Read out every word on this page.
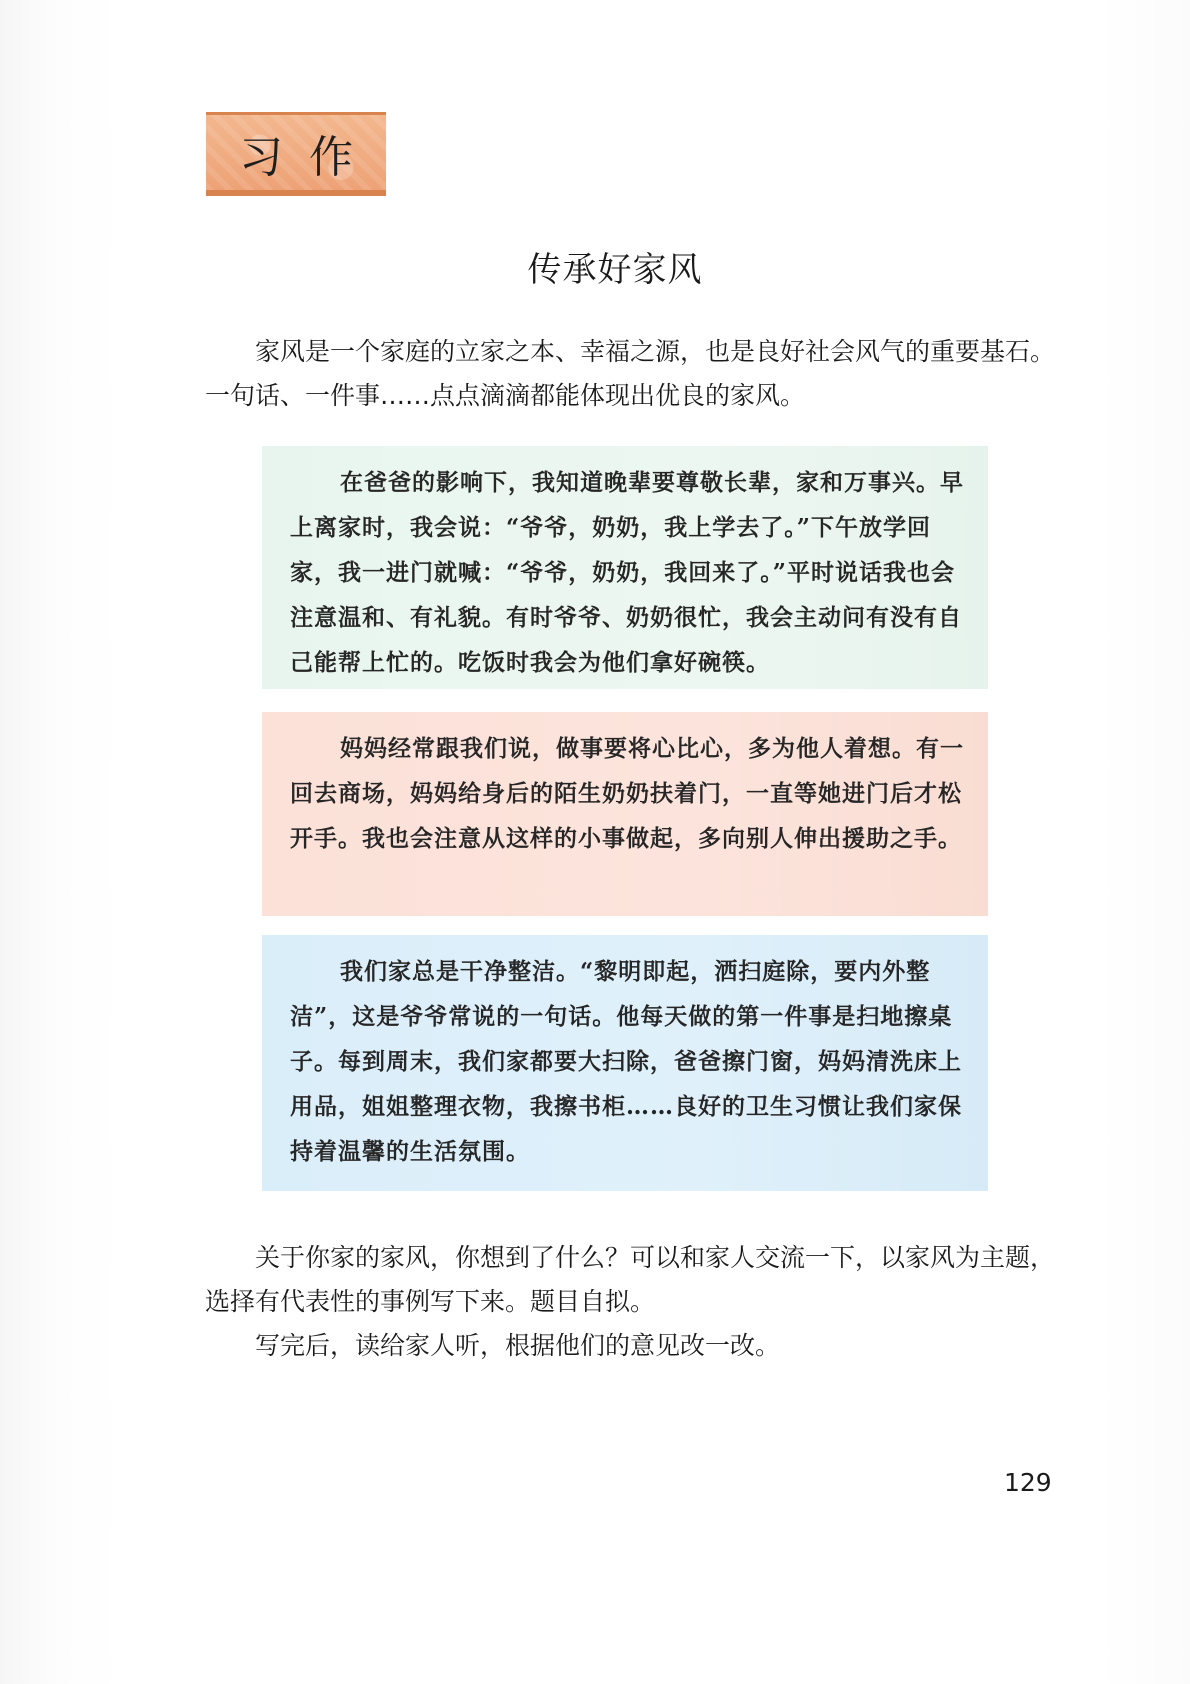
习作
传承好家风

家风是一个家庭的立家之本、幸福之源，也是良好社会风气的重要基石。一句话、一件事……点点滴滴都能体现出优良的家风。

在爸爸的影响下，我知道晚辈要尊敬长辈，家和万事兴。早上离家时，我会说：“爷爷，奶奶，我上学去了。”下午放学回家，我一进门就喊：“爷爷，奶奶，我回来了。”平时说话我也会注意温和、有礼貌。有时爷爷、奶奶很忙，我会主动问有没有自己能帮上忙的。吃饭时我会为他们拿好碗筷。

妈妈经常跟我们说，做事要将心比心，多为他人着想。有一回去商场，妈妈给身后的陌生奶奶扶着门，一直等她进门后才松开手。我也会注意从这样的小事做起，多向别人伸出援助之手。

我们家总是干净整洁。“黎明即起，洒扫庭除，要内外整洁”，这是爷爷常说的一句话。他每天做的第一件事是扫地擦桌子。每到周末，我们家都要大扫除，爸爸擦门窗，妈妈清洗床上用品，姐姐整理衣物，我擦书柜……良好的卫生习惯让我们家保持着温馨的生活氛围。

关于你家的家风，你想到了什么？可以和家人交流一下，以家风为主题，选择有代表性的事例写下来。题目自拟。

写完后，读给家人听，根据他们的意见改一改。

129
